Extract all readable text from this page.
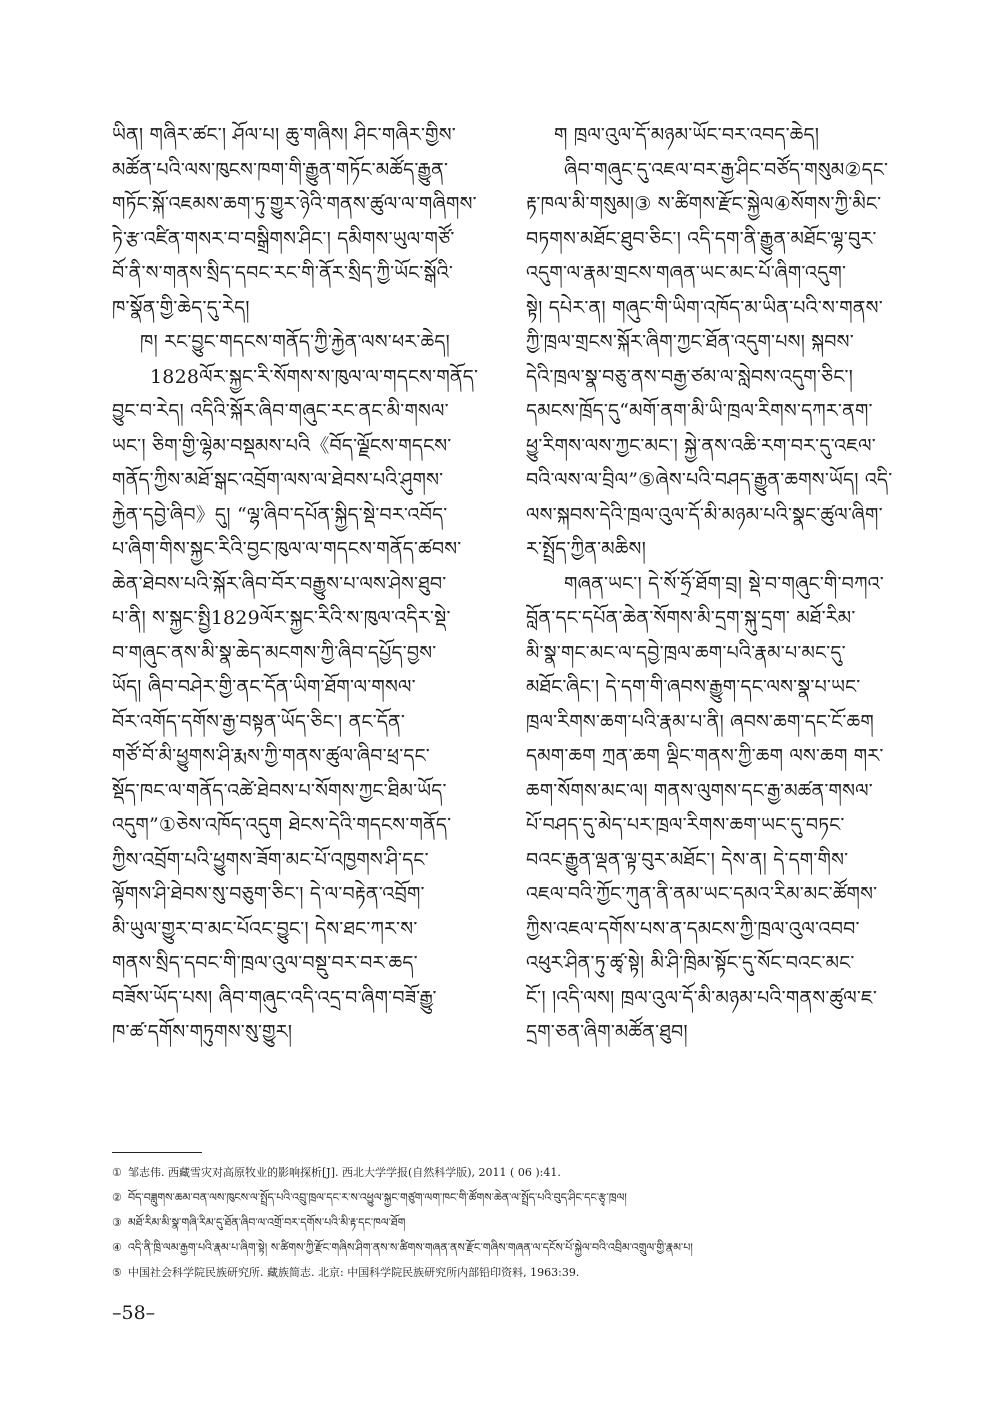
ཡིན། གཞིར་ཚང་། ཤོལ་པ། ཆུ་གཞིས། ཤིང་གཞིར་གྱིས་
མཚོན་པའི་ལས་ཁུངས་ཁག་གི་རྒྱུན་གཏོང་མཚོད་རྒྱུན་
གཏོང་སྐོ་འཇམས་ཆག་ཏུ་གྱུར་ཉེའི་གནས་ཚུལ་ལ་གཞིགས་
ཏེ་རྩ་འཛིན་གསར་བ་བསྒྲིགས་ཤིང་། དམིགས་ཡུལ་གཙོ་
བོ་ནི་ས་གནས་སྲིད་དབང་རང་གི་ནོར་སྲིད་ཀྱི་ཡོང་སྒོའི་
ཁ་སྣོན་གྱི་ཆེད་དུ་རེད།
ཁ། རང་བྱུང་གདངས་གནོད་ཀྱི་རྐྱེན་ལས་ཕར་ཆེད།
1828ལོར་སྐྱང་རི་སོགས་ས་ཁུལ་ལ་གདངས་གནོད་
བྱུང་བ་རེད། འདིའི་སྐོར་ཞིབ་གཞུང་རང་ནང་མི་གསལ་
ཡང་། ཅིག་གྱི་ལྷེམ་བསྡམས་པའི《བོད་ལྗོངས་གདངས་
གནོད་ཀྱིས་མཐོ་སྒང་འབྲོག་ལས་ལ་ཐེབས་པའི་ཤུགས་
རྐྱེན་དབྱེ་ཞིབ》དུ། “ལྷ་ཞིབ་དཔོན་སྐྱིད་སྡེ་བར་འབོད་
པ་ཞིག་གིས་སྐྱང་རིའི་བྱང་ཁུལ་ལ་གདངས་གནོད་ཚབས་
ཆེན་ཐེབས་པའི་སྐོར་ཞིབ་བོར་བརྒྱུས་པ་ལས་ཤེས་ཐུབ་
པ་ནི། ས་སྐྱང་སྤྱི1829ལོར་སྐྱང་རིའི་ས་ཁུལ་འདིར་སྡེ་
བ་གཞུང་ནས་མི་སྣ་ཆེད་མངགས་ཀྱི་ཞིབ་དཔྱོད་བྱས་
ཡོད། ཞིབ་བཤེར་གྱི་ནང་དོན་ཡིག་ཐོག་ལ་གསལ་
བོར་འགོད་དགོས་རྒྱ་བསྟན་ཡོད་ཅིང་། ནང་དོན་
གཙོ་བོ་མི་ཕྱུགས་ཤི་རྨས་ཀྱི་གནས་ཚུལ་ཞིབ་ཕྲ་དང་
སྡོད་ཁང་ལ་གནོད་འཚེ་ཐེབས་པ་སོགས་ཀྱང་ཐིམ་ཡོད་
འདུག”①ཅེས་འཁོད་འདུག ཐེངས་དེའི་གདངས་གནོད་
ཀྱིས་འབྲོག་པའི་ཕྱུགས་ཟོག་མང་པོ་འཁྱགས་ཤི་དང་
ལྟོགས་ཤི་ཐེབས་སུ་བཅུག་ཅིང་། དེ་ལ་བརྟེན་འབྲོག་
མི་ཡུལ་གྱུར་བ་མང་པོའང་བྱུང་། དེས་ཐང་ཀར་ས་
གནས་སྲིད་དབང་གི་ཁྲལ་འུལ་བསྡུ་བར་བར་ཆད་
བཟོས་ཡོད་པས། ཞིབ་གཞུང་འདི་འདྲ་བ་ཞིག་བཟོ་རྒྱུ་
ཁ་ཚ་དགོས་གཏུགས་སུ་གྱུར།
ག ཁྲལ་འུལ་དོ་མཉམ་ཡོང་བར་འབད་ཆེད།
ཞིབ་གཞུང་དུ་འཇལ་བར་རྒྱ་ཤིང་བཙོད་གསུམ②དང་
རྟ་ཁལ་མི་གསུམ།③ ས་ཚིགས་རྫོང་སྐྱེལ④སོགས་ཀྱི་མིང་
བཏགས་མཐོང་ཐུབ་ཅིང་། འདི་དག་ནི་རྒྱུན་མཐོང་ལྷ་བུར་
འདུག་ལ་རྣམ་གྲངས་གཞན་ཡང་མང་པོ་ཞིག་འདུག་
སྟེ། དཔེར་ན། གཞུང་གི་ཡིག་འཁོད་མ་ཡིན་པའི་ས་གནས་
ཀྱི་ཁྲལ་གྲངས་སྐོར་ཞིག་ཀྱང་ཐོན་འདུག་པས། སྐབས་
དེའི་ཁྲལ་སྣ་བཅུ་ནས་བརྒྱ་ཙམ་ལ་སླེབས་འདུག་ཅིང་།
དམངས་ཁྲོད་དུ“མགོ་ནག་མི་ཡི་ཁྲལ་རིགས་དཀར་ནག་
ཕྱུ་རིགས་ལས་ཀྱང་མང་། སྐྱེ་ནས་འཆི་རག་བར་དུ་འཇལ་
བའི་ལས་ལ་བྲིལ”⑤ཞེས་པའི་བཤད་རྒྱུན་ཆགས་ཡོད། འདི་
ལས་སྐབས་དེའི་ཁྲལ་འུལ་དོ་མི་མཉམ་པའི་སྣང་ཚུལ་ཞིག་
ར་སྤྲོད་ཀྱིན་མཆིས།
གཞན་ཡང་། དེ་སོ་ཧྲོ་ཐོག་བྲ། སྡེ་བ་གཞུང་གི་བཀའ་
བློན་དང་དཔོན་ཆེན་སོགས་མི་དྲག་སྐུ་དྲག་ མཐོ་རིམ་
མི་སྣ་གང་མང་ལ་དབྱེ་ཁྲལ་ཆག་པའི་རྣམ་པ་མང་དུ་
མཐོང་ཞིང་། དེ་དག་གི་ཞབས་རྒྱུག་དང་ལས་སྣ་པ་ཡང་
ཁྲལ་རིགས་ཆག་པའི་རྣམ་པ་ནི། ཞབས་ཆག་དང་ངོ་ཆག
དམག་ཆག ཀྲན་ཆག ལྡིང་གནས་ཀྱི་ཆག ལས་ཆག གར་
ཆག་སོགས་མང་ལ། གནས་ལུགས་དང་རྒྱ་མཚན་གསལ་
པོ་བཤད་དུ་མེད་པར་ཁྲལ་རིགས་ཆག་ཡང་དུ་བཏང་
བའང་རྒྱུན་ལྡན་ལྟ་བུར་མཐོང་། དེས་ན། དེ་དག་གིས་
འཇལ་བའི་ཀྱོང་ཀུན་ནི་ནམ་ཡང་དམའ་རིམ་མང་ཚོགས་
ཀྱིས་འཇལ་དགོས་པས་ན་དམངས་ཀྱི་ཁྲལ་འུལ་འབབ་
འཕུར་ཤིན་ཏུ་ཚྭ་སྟེ། མི་ཤི་ཁྲིམ་སྟོང་དུ་སོང་བའང་མང་
ངོ་། །འདི་ལས། ཁྲལ་འུལ་དོ་མི་མཉམ་པའི་གནས་ཚུལ་ཇ་
དྲག་ཅན་ཞིག་མཚོན་ཐུབ།
① 邹志伟. 西藏雪灾对高原牧业的影响探析[J]. 西北大学学报(自然科学版), 2011 ( 06 ):41.
② བོད་བཟླུགས་ཆམ་བན་ལས་ཁུངས་ལ་སྤྲོད་པའི་འབྲུ་ཁྲལ་དང་ར་ས་འཕྱུལ་སྐྱང་གཙུག་ལག་ཁང་གི་ཚོགས་ཆེན་ལ་སྤྲོད་པའི་བུད་ཤིང་དང་རྩྭ་ཁྲལ།
③ མཐོ་རིམ་མི་སྣ་གཞི་རིམ་དུ་ཐོན་ཞིབ་ལ་འགྲོ་བར་དགོས་པའི་མི་རྟ་དང་ཁལ་ཐོག
④ འདི་ནི་ཁྲི་ལམ་རྒྱག་པའི་རྣམ་པ་ཞིག་སྟེ། ས་ཚིགས་ཀྱི་རྫོང་གཞིས་ཤིག་ནས་ས་ཚིགས་གཞན་ནས་རྫོང་གཞིས་གཞན་ལ་དངོས་པོ་སྐྱེལ་བའི་འབྲིམ་འགྲུལ་གྱི་རྣམ་པ།
⑤ 中国社会科学院民族研究所. 藏族简志. 北京: 中国科学院民族研究所内部铅印资料, 1963:39.
–58–
